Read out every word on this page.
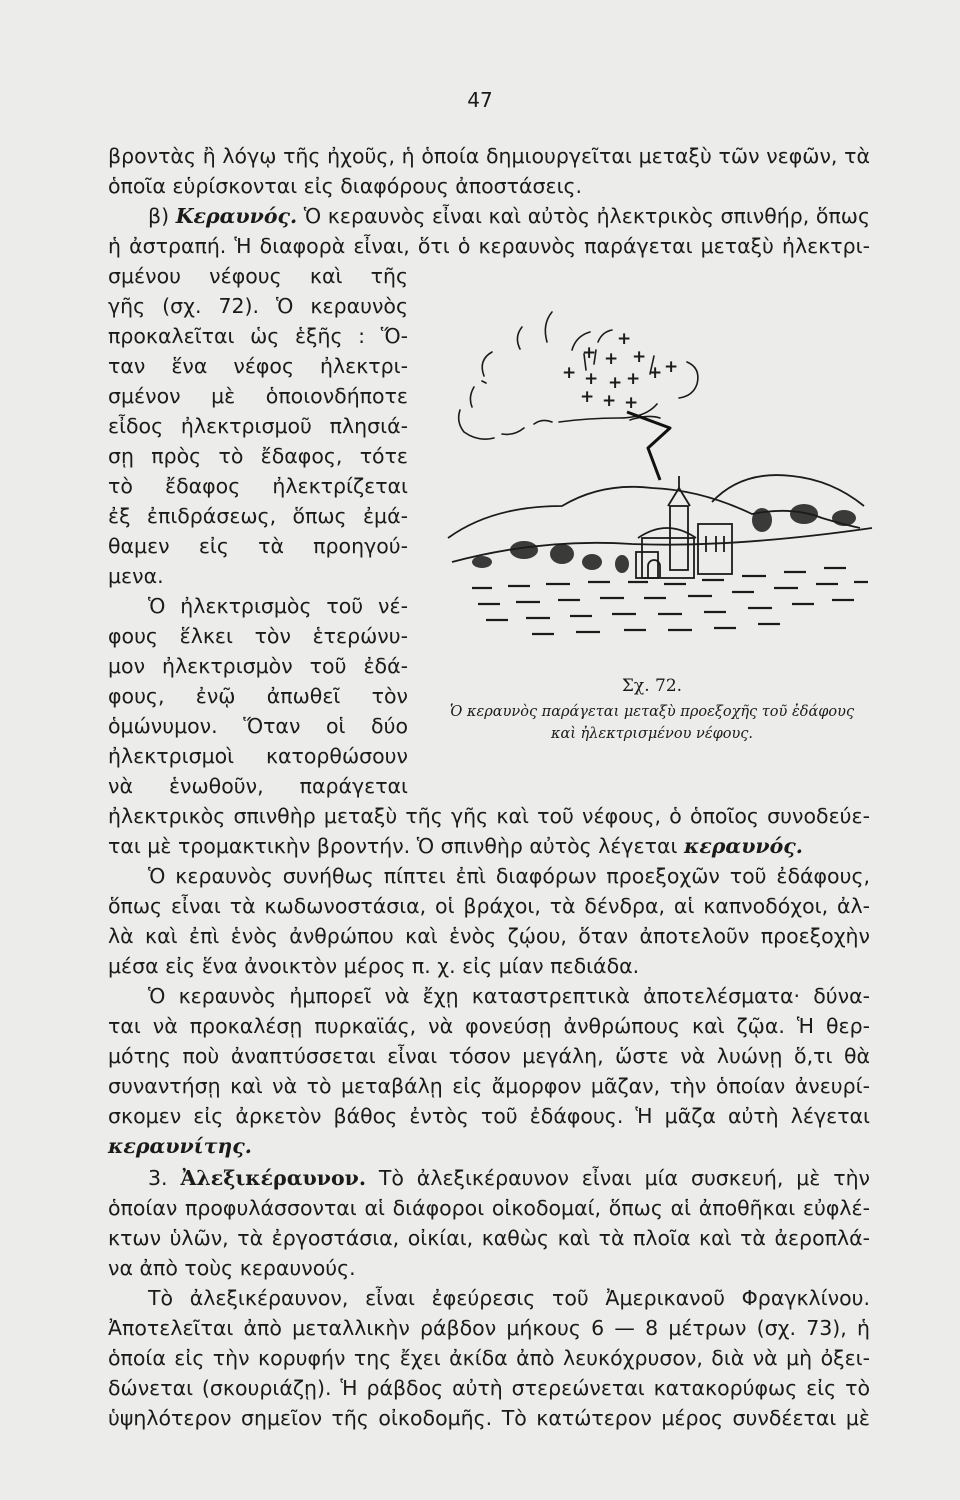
47
βροντὰς ἢ λόγῳ τῆς ἠχοῦς, ἡ ὁποία δημιουργεῖται μεταξὺ τῶν νεφῶν, τὰ
ὁποῖα εὑρίσκονται εἰς διαφόρους ἀποστάσεις.
β) Κεραυνός. Ὁ κεραυνὸς εἶναι καὶ αὐτὸς ἠλεκτρικὸς σπινθήρ, ὅπως
ἡ ἀστραπή. Ἡ διαφορὰ εἶναι, ὅτι ὁ κεραυνὸς παράγεται μεταξὺ ἠλεκτρι-
σμένου νέφους καὶ τῆς
γῆς (σχ. 72). Ὁ κεραυνὸς
προκαλεῖται ὡς ἑξῆς : Ὅ-
ταν ἕνα νέφος ἠλεκτρι-
σμένον μὲ ὁποιονδήποτε
εἶδος ἠλεκτρισμοῦ πλησιά-
σῃ πρὸς τὸ ἔδαφος, τότε
τὸ ἔδαφος ἠλεκτρίζεται
ἐξ ἐπιδράσεως, ὅπως ἐμά-
θαμεν εἰς τὰ προηγού-
μενα.
Ὁ ἠλεκτρισμὸς τοῦ νέ-
φους ἕλκει τὸν ἑτερώνυ-
μον ἠλεκτρισμὸν τοῦ ἐδά-
φους, ἐνῷ ἀπωθεῖ τὸν
ὁμώνυμον. Ὅταν οἱ δύο
ἠλεκτρισμοὶ κατορθώσουν
νὰ ἑνωθοῦν, παράγεται
+
+ + +
+ + + + + +
+ + +
Σχ. 72.
Ὁ κεραυνὸς παράγεται μεταξὺ προεξοχῆς τοῦ ἐδάφους
καὶ ἠλεκτρισμένου νέφους.
ἠλεκτρικὸς σπινθὴρ μεταξὺ τῆς γῆς καὶ τοῦ νέφους, ὁ ὁποῖος συνοδεύε-
ται μὲ τρομακτικὴν βροντήν. Ὁ σπινθὴρ αὐτὸς λέγεται κεραυνός.
Ὁ κεραυνὸς συνήθως πίπτει ἐπὶ διαφόρων προεξοχῶν τοῦ ἐδάφους,
ὅπως εἶναι τὰ κωδωνοστάσια, οἱ βράχοι, τὰ δένδρα, αἱ καπνοδόχοι, ἀλ-
λὰ καὶ ἐπὶ ἑνὸς ἀνθρώπου καὶ ἑνὸς ζῴου, ὅταν ἀποτελοῦν προεξοχὴν
μέσα εἰς ἕνα ἀνοικτὸν μέρος π. χ. εἰς μίαν πεδιάδα.
Ὁ κεραυνὸς ἠμπορεῖ νὰ ἔχῃ καταστρεπτικὰ ἀποτελέσματα· δύνα-
ται νὰ προκαλέσῃ πυρκαϊάς, νὰ φονεύσῃ ἀνθρώπους καὶ ζῷα. Ἡ θερ-
μότης ποὺ ἀναπτύσσεται εἶναι τόσον μεγάλη, ὥστε νὰ λυώνῃ ὅ,τι θὰ
συναντήσῃ καὶ νὰ τὸ μεταβάλῃ εἰς ἄμορφον μᾶζαν, τὴν ὁποίαν ἀνευρί-
σκομεν εἰς ἀρκετὸν βάθος ἐντὸς τοῦ ἐδάφους. Ἡ μᾶζα αὐτὴ λέγεται
κεραυνίτης.
3. Ἀλεξικέραυνον. Τὸ ἀλεξικέραυνον εἶναι μία συσκευή, μὲ τὴν
ὁποίαν προφυλάσσονται αἱ διάφοροι οἰκοδομαί, ὅπως αἱ ἀποθῆκαι εὐφλέ-
κτων ὑλῶν, τὰ ἐργοστάσια, οἰκίαι, καθὼς καὶ τὰ πλοῖα καὶ τὰ ἀεροπλά-
να ἀπὸ τοὺς κεραυνούς.
Τὸ ἀλεξικέραυνον, εἶναι ἐφεύρεσις τοῦ Ἀμερικανοῦ Φραγκλίνου.
Ἀποτελεῖται ἀπὸ μεταλλικὴν ράβδον μήκους 6 — 8 μέτρων (σχ. 73), ἡ
ὁποία εἰς τὴν κορυφήν της ἔχει ἀκίδα ἀπὸ λευκόχρυσον, διὰ νὰ μὴ ὀξει-
δώνεται (σκουριάζῃ). Ἡ ράβδος αὐτὴ στερεώνεται κατακορύφως εἰς τὸ
ὑψηλότερον σημεῖον τῆς οἰκοδομῆς. Τὸ κατώτερον μέρος συνδέεται μὲ
